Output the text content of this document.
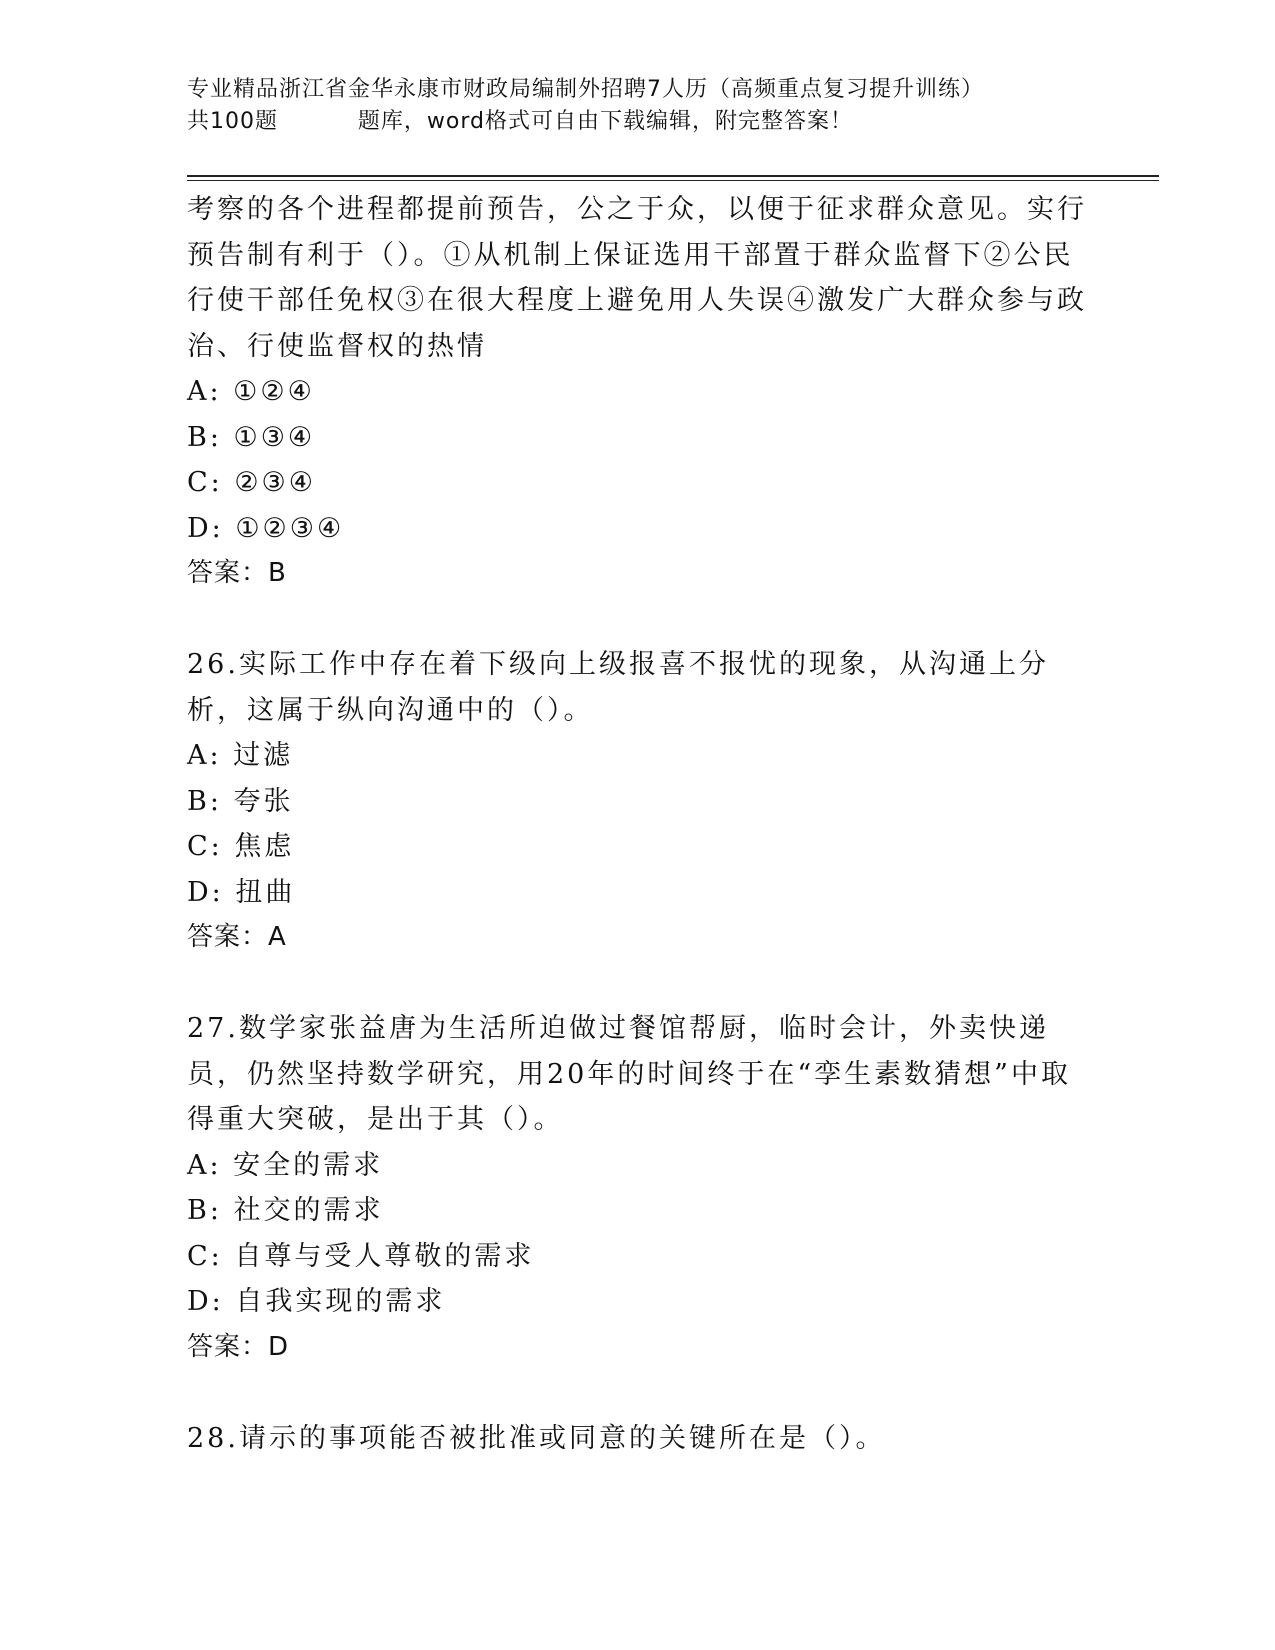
专业精品浙江省金华永康市财政局编制外招聘7人历（高频重点复习提升训练）
共100题          题库，word格式可自由下载编辑，附完整答案！

考察的各个进程都提前预告，公之于众，以便于征求群众意见。实行预告制有利于（）。①从机制上保证选用干部置于群众监督下②公民行使干部任免权③在很大程度上避免用人失误④激发广大群众参与政治、行使监督权的热情

A: ①②④

B: ①③④

C: ②③④

D: ①②③④

答案：B

26.实际工作中存在着下级向上级报喜不报忧的现象，从沟通上分析，这属于纵向沟通中的（）。

A: 过滤

B: 夸张

C: 焦虑

D: 扭曲

答案：A

27.数学家张益唐为生活所迫做过餐馆帮厨，临时会计，外卖快递员，仍然坚持数学研究，用20年的时间终于在“孪生素数猜想”中取得重大突破，是出于其（）。

A: 安全的需求

B: 社交的需求

C: 自尊与受人尊敬的需求

D: 自我实现的需求

答案：D

28.请示的事项能否被批准或同意的关键所在是（）。
